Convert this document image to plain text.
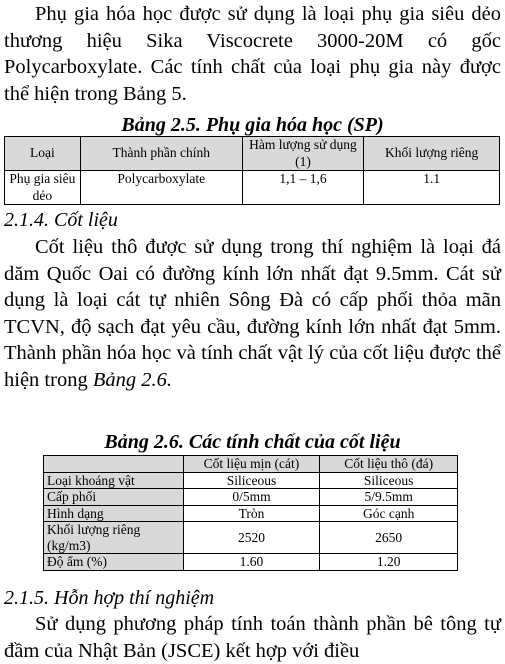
Phụ gia hóa học được sử dụng là loại phụ gia siêu dẻo thương hiệu Sika Viscocrete 3000-20M có gốc Polycarboxylate. Các tính chất của loại phụ gia này được thể hiện trong Bảng 5.

Bảng 2.5. Phụ gia hóa học (SP)

Loại	Thành phần chính	Hàm lượng sử dụng (1)	Khối lượng riêng
Phụ gia siêu dẻo	Polycarboxylate	1,1 – 1,6	1.1

2.1.4. Cốt liệu

Cốt liệu thô được sử dụng trong thí nghiệm là loại đá dăm Quốc Oai có đường kính lớn nhất đạt 9.5mm. Cát sử dụng là loại cát tự nhiên Sông Đà có cấp phối thỏa mãn TCVN, độ sạch đạt yêu cầu, đường kính lớn nhất đạt 5mm. Thành phần hóa học và tính chất vật lý của cốt liệu được thể hiện trong Bảng 2.6.

Bảng 2.6. Các tính chất của cốt liệu

	Cốt liệu mịn (cát)	Cốt liệu thô (đá)
Loại khoáng vật	Siliceous	Siliceous
Cấp phối	0/5mm	5/9.5mm
Hình dạng	Tròn	Góc cạnh
Khối lượng riêng (kg/m3)	2520	2650
Độ ẩm (%)	1.60	1.20

2.1.5. Hỗn hợp thí nghiệm

Sử dụng phương pháp tính toán thành phần bê tông tự đầm của Nhật Bản (JSCE) kết hợp với điều
